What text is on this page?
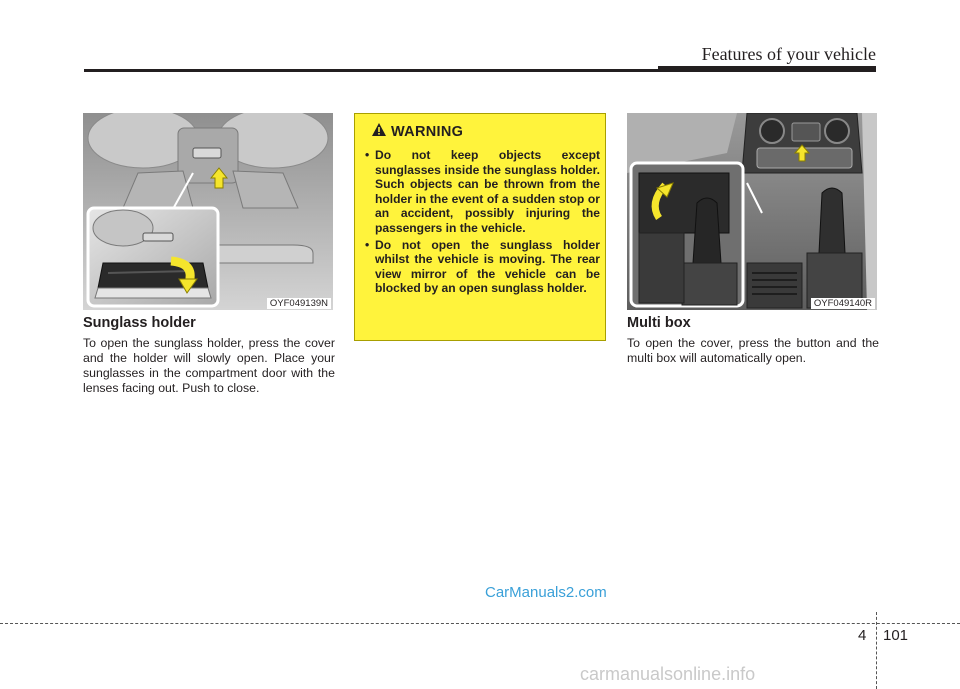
Features of your vehicle
OYF049139N
Sunglass holder

To open the sunglass holder, press the cover and the holder will slowly open. Place your sunglasses in the compartment door with the lenses facing out. Push to close.

WARNING
• Do not keep objects except sunglasses inside the sunglass holder. Such objects can be thrown from the holder in the event of a sudden stop or an accident, possibly injuring the passengers in the vehicle.
• Do not open the sunglass holder whilst the vehicle is moving. The rear view mirror of the vehicle can be blocked by an open sunglass holder.
OYF049140R
Multi box

To open the cover, press the button and the multi box will automatically open.

CarManuals2.com
4 101
carmanualsonline.info
